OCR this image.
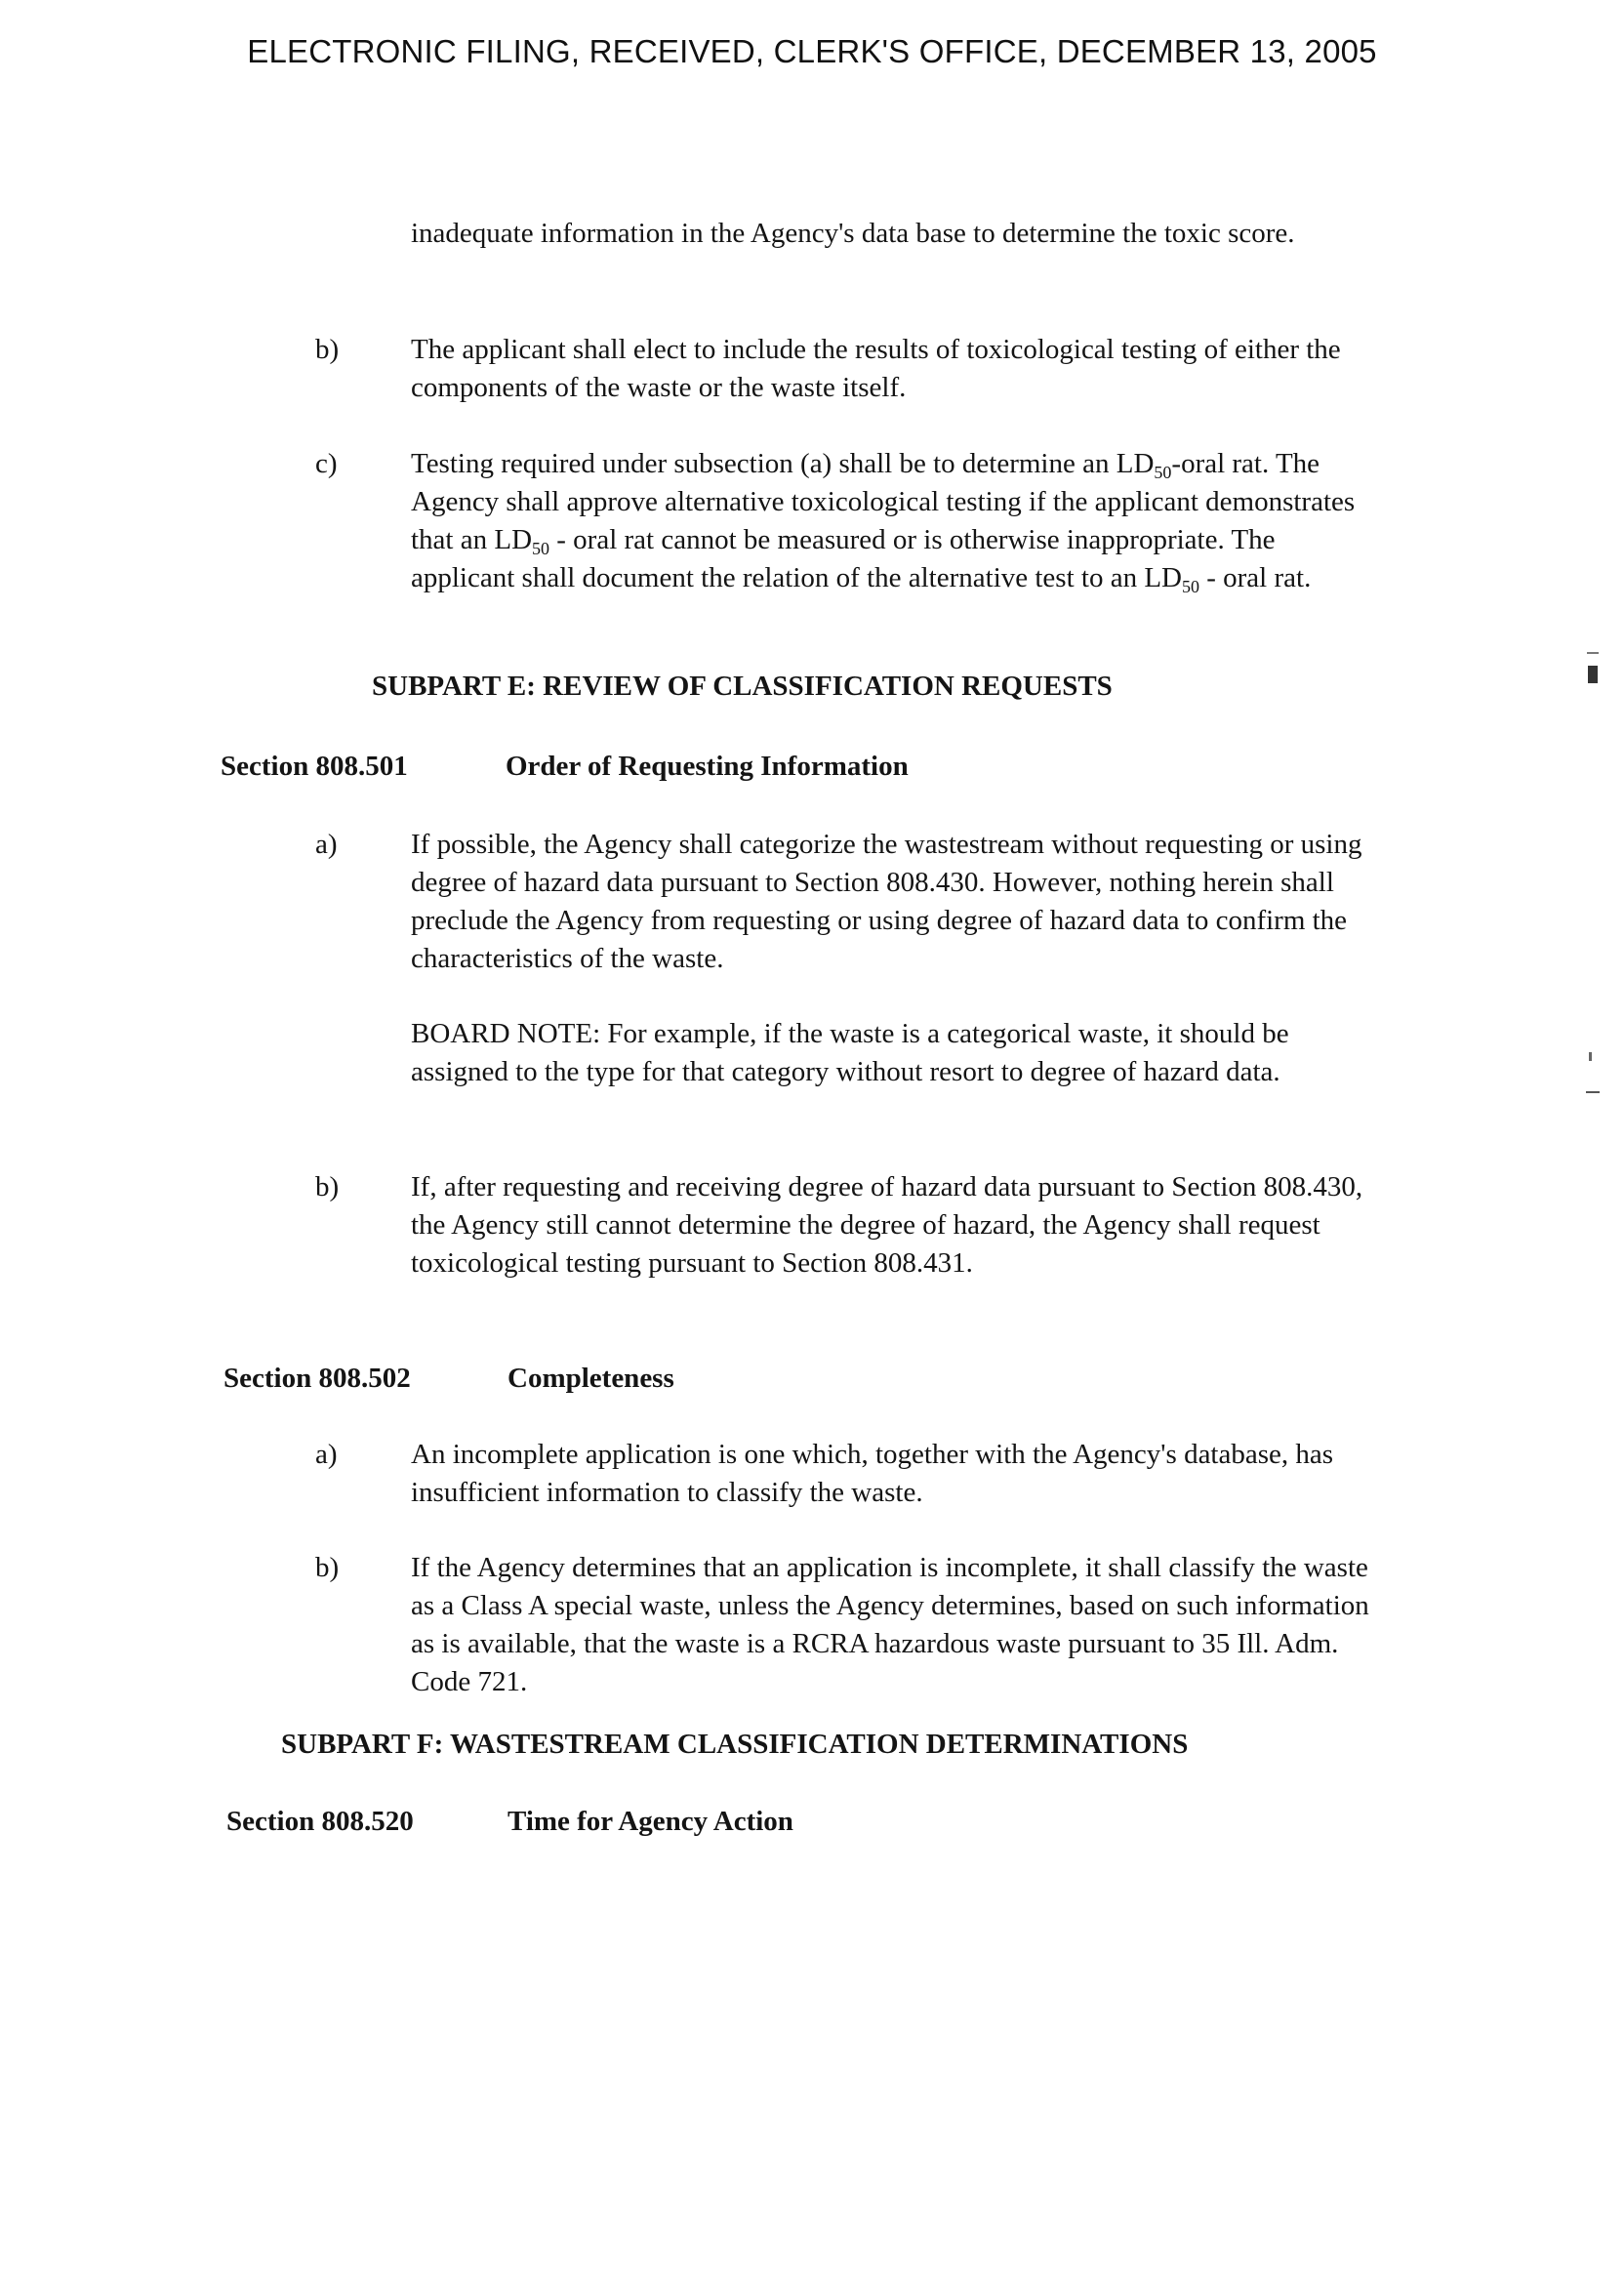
ELECTRONIC FILING, RECEIVED, CLERK'S OFFICE, DECEMBER 13, 2005
inadequate information in the Agency's data base to determine the toxic score.
b)	The applicant shall elect to include the results of toxicological testing of either the components of the waste or the waste itself.
c)	Testing required under subsection (a) shall be to determine an $LD_{50}$-oral rat. The Agency shall approve alternative toxicological testing if the applicant demonstrates that an $LD_{50}$ - oral rat cannot be measured or is otherwise inappropriate. The applicant shall document the relation of the alternative test to an $LD_{50}$ - oral rat.
SUBPART E: REVIEW OF CLASSIFICATION REQUESTS
Section 808.501	Order of Requesting Information
a)	If possible, the Agency shall categorize the wastestream without requesting or using degree of hazard data pursuant to Section 808.430. However, nothing herein shall preclude the Agency from requesting or using degree of hazard data to confirm the characteristics of the waste.
BOARD NOTE: For example, if the waste is a categorical waste, it should be assigned to the type for that category without resort to degree of hazard data.
b)	If, after requesting and receiving degree of hazard data pursuant to Section 808.430, the Agency still cannot determine the degree of hazard, the Agency shall request toxicological testing pursuant to Section 808.431.
Section 808.502	Completeness
a)	An incomplete application is one which, together with the Agency's database, has insufficient information to classify the waste.
b)	If the Agency determines that an application is incomplete, it shall classify the waste as a Class A special waste, unless the Agency determines, based on such information as is available, that the waste is a RCRA hazardous waste pursuant to 35 Ill. Adm. Code 721.
SUBPART F: WASTESTREAM CLASSIFICATION DETERMINATIONS
Section 808.520	Time for Agency Action
